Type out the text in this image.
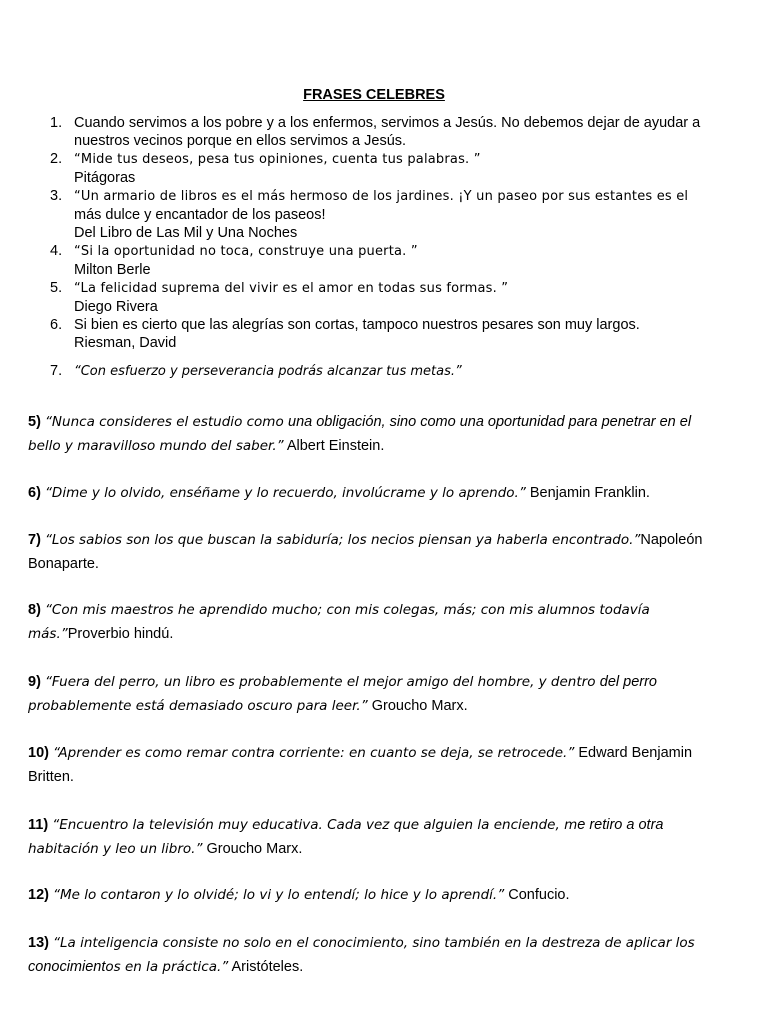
FRASES CELEBRES
1. Cuando servimos a los pobre y a los enfermos, servimos a Jesús. No debemos dejar de ayudar a nuestros vecinos porque en ellos servimos a Jesús.
2. “Mide tus deseos, pesa tus opiniones, cuenta tus palabras. ”
Pitágoras
3. “Un armario de libros es el más hermoso de los jardines. ¡Y un paseo por sus estantes es el
más dulce y encantador de los paseos!
Del Libro de Las Mil y Una Noches
4. “Si la oportunidad no toca, construye una puerta. ”
Milton Berle
5. “La felicidad suprema del vivir es el amor en todas sus formas. ”
Diego Rivera
6. Si bien es cierto que las alegrías son cortas, tampoco nuestros pesares son muy largos.
Riesman, David
7. “Con esfuerzo y perseverancia podrás alcanzar tus metas.”
5) “Nunca consideres el estudio como una obligación, sino como una oportunidad para penetrar en el
bello y maravilloso mundo del saber.” Albert Einstein.
6) “Dime y lo olvido, enséñame y lo recuerdo, involúcrame y lo aprendo.” Benjamin Franklin.
7) “Los sabios son los que buscan la sabiduría; los necios piensan ya haberla encontrado.”Napoleón
Bonaparte.
8) “Con mis maestros he aprendido mucho; con mis colegas, más; con mis alumnos todavía
más.”Proverbio hindú.
9) “Fuera del perro, un libro es probablemente el mejor amigo del hombre, y dentro del perro
probablemente está demasiado oscuro para leer.” Groucho Marx.
10) “Aprender es como remar contra corriente: en cuanto se deja, se retrocede.” Edward Benjamin
Britten.
11) “Encuentro la televisión muy educativa. Cada vez que alguien la enciende, me retiro a otra
habitación y leo un libro.” Groucho Marx.
12) “Me lo contaron y lo olvidé; lo vi y lo entendí; lo hice y lo aprendí.” Confucio.
13) “La inteligencia consiste no solo en el conocimiento, sino también en la destreza de aplicar los
conocimientos en la práctica.” Aristóteles.
